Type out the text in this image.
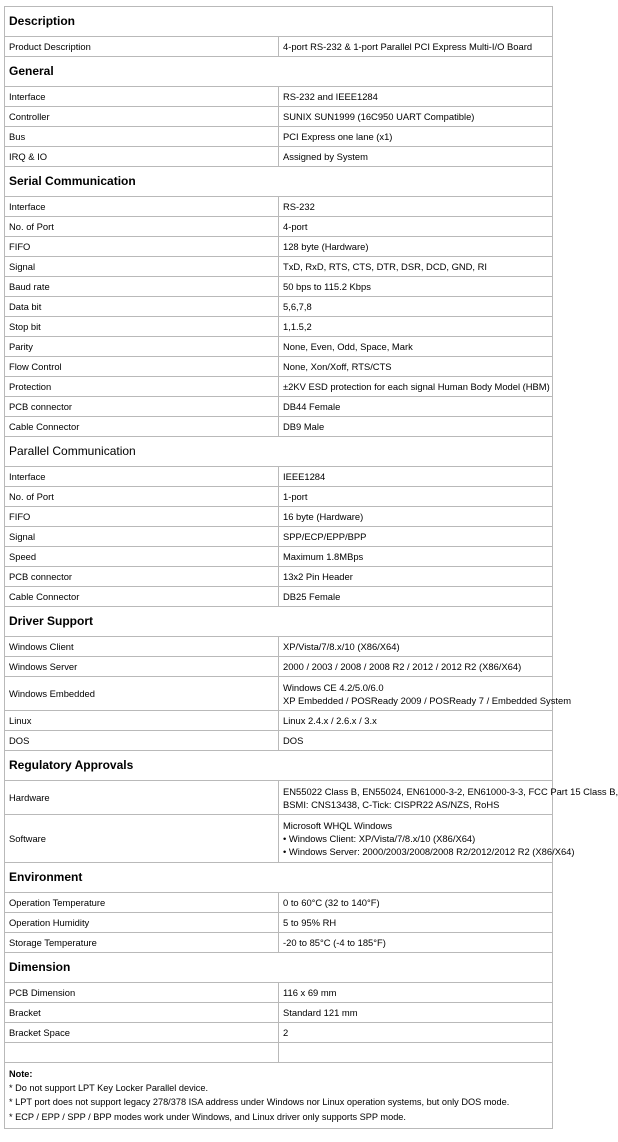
Description	
Product Description	4-port RS-232 & 1-port Parallel PCI Express Multi-I/O Board

General	
Interface	RS-232 and IEEE1284

Controller	SUNIX SUN1999 (16C950 UART Compatible)

Bus	PCI Express one lane (x1)

IRQ & IO	Assigned by System

Serial Communication	
Interface	RS-232

No. of Port	4-port

FIFO	128 byte (Hardware)

Signal	TxD, RxD, RTS, CTS, DTR, DSR, DCD, GND, RI

Baud rate	50 bps to 115.2 Kbps

Data bit	5,6,7,8

Stop bit	1,1.5,2

Parity	None, Even, Odd, Space, Mark

Flow Control	None, Xon/Xoff, RTS/CTS

Protection	±2KV ESD protection for each signal Human Body Model (HBM)

PCB connector	DB44 Female

Cable Connector	DB9 Male

Parallel Communication	
Interface	IEEE1284

No. of Port	1-port

FIFO	16 byte (Hardware)

Signal	SPP/ECP/EPP/BPP

Speed	Maximum 1.8MBps

PCB connector	13x2 Pin Header

Cable Connector	DB25 Female

Driver Support	
Windows Client	XP/Vista/7/8.x/10 (X86/X64)

Windows Server	2000 / 2003 / 2008 / 2008 R2 / 2012 / 2012 R2 (X86/X64)

Windows Embedded	Windows CE 4.2/5.0/6.0
XP Embedded / POSReady 2009 / POSReady 7 / Embedded System

Linux	Linux 2.4.x / 2.6.x / 3.x

DOS	DOS

Regulatory Approvals	
Hardware	EN55022 Class B, EN55024, EN61000-3-2, EN61000-3-3, FCC Part 15 Class B,
BSMI: CNS13438, C-Tick: CISPR22 AS/NZS, RoHS

Software	Microsoft WHQL Windows
• Windows Client: XP/Vista/7/8.x/10 (X86/X64)
• Windows Server: 2000/2003/2008/2008 R2/2012/2012 R2 (X86/X64)

Environment	
Operation Temperature	0 to 60°C (32 to 140°F)

Operation Humidity	5 to 95% RH

Storage Temperature	-20 to 85°C (-4 to 185°F)

Dimension	
PCB Dimension	116 x 69 mm

Bracket	Standard 121 mm

Bracket Space	2

Note:
* Do not support LPT Key Locker Parallel device.
* LPT port does not support legacy 278/378 ISA address under Windows nor Linux operation systems, but only DOS mode.
* ECP / EPP / SPP / BPP modes work under Windows, and Linux driver only supports SPP mode.	
